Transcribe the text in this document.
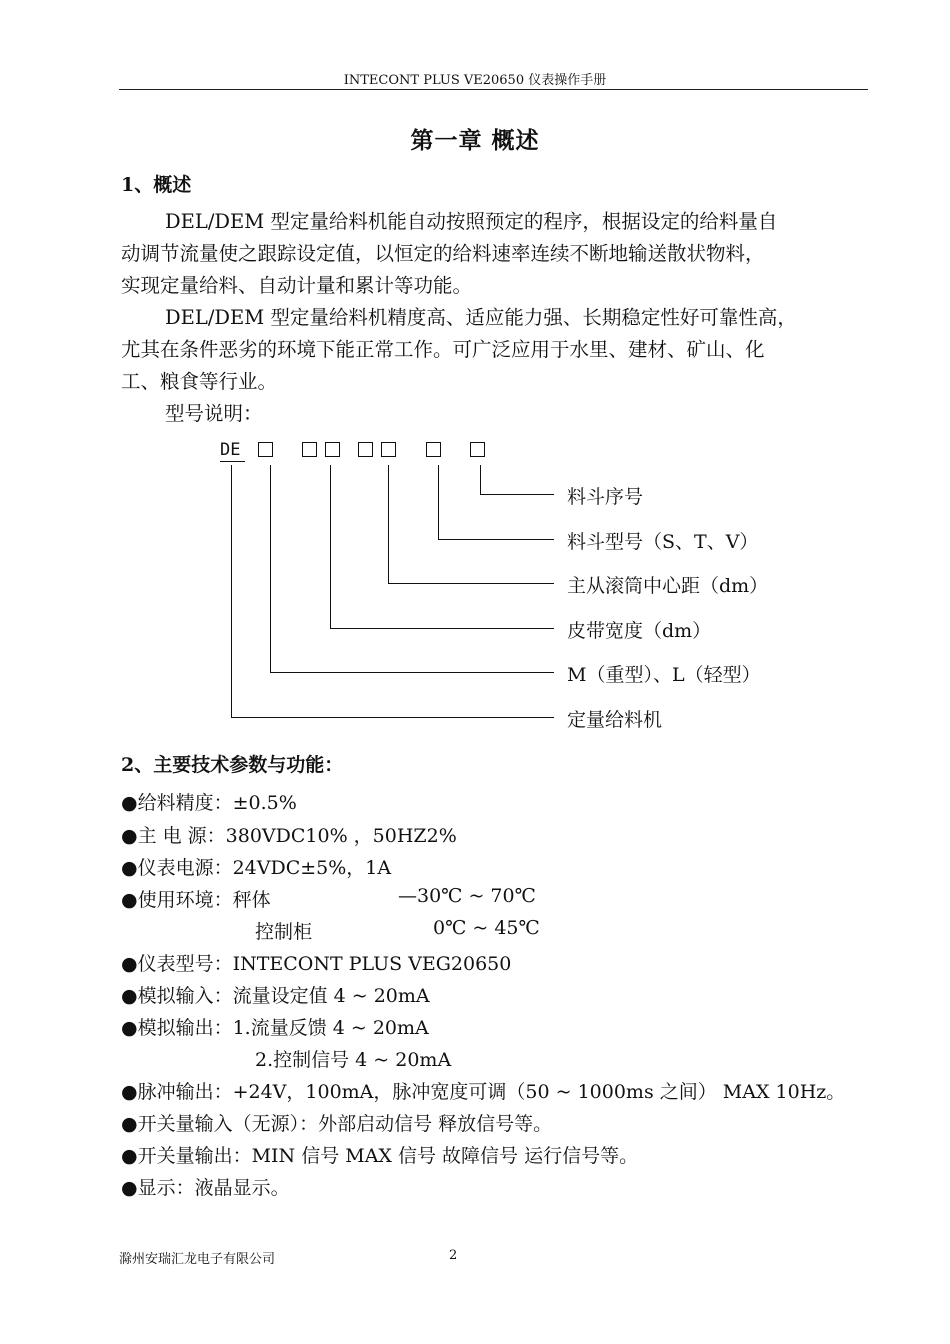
INTECONT PLUS VE20650 仪表操作手册
第一章 概述
1、概述
DEL/DEM 型定量给料机能自动按照预定的程序，根据设定的给料量自
动调节流量使之跟踪设定值，以恒定的给料速率连续不断地输送散状物料，
实现定量给料、自动计量和累计等功能。
DEL/DEM 型定量给料机精度高、适应能力强、长期稳定性好可靠性高，
尤其在条件恶劣的环境下能正常工作。可广泛应用于水里、建材、矿山、化
工、粮食等行业。
型号说明：
DE
料斗序号
料斗型号（S、T、V）
主从滚筒中心距（dm）
皮带宽度（dm）
M（重型）、L（轻型）
定量给料机
2、主要技术参数与功能：
●给料精度：±0.5%
●主 电 源：380VDC10% ，50HZ2%
●仪表电源：24VDC±5%，1A
●使用环境：秤体	—30℃ ~ 70℃
控制柜	0℃ ~ 45℃
●仪表型号：INTECONT PLUS VEG20650
●模拟输入：流量设定值 4 ~ 20mA
●模拟输出：1.流量反馈 4 ~ 20mA
2.控制信号 4 ~ 20mA
●脉冲输出：+24V，100mA，脉冲宽度可调（50 ~ 1000ms 之间） MAX 10Hz。
●开关量输入（无源）：外部启动信号 释放信号等。
●开关量输出：MIN 信号 MAX 信号 故障信号 运行信号等。
●显示：液晶显示。
滁州安瑞汇龙电子有限公司	2
